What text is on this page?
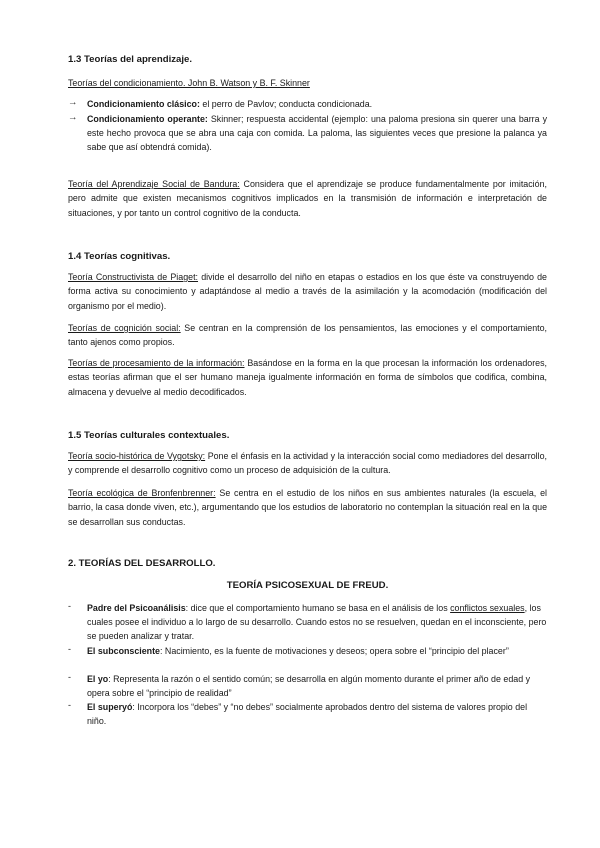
1.3 Teorías del aprendizaje.
Teorías del condicionamiento. John B. Watson y B. F. Skinner
→ Condicionamiento clásico: el perro de Pavlov; conducta condicionada.
→ Condicionamiento operante: Skinner; respuesta accidental (ejemplo: una paloma presiona sin querer una barra y este hecho provoca que se abra una caja con comida. La paloma, las siguientes veces que presione la palanca ya sabe que así obtendrá comida).
Teoría del Aprendizaje Social de Bandura: Considera que el aprendizaje se produce fundamentalmente por imitación, pero admite que existen mecanismos cognitivos implicados en la transmisión de información e interpretación de situaciones, y por tanto un control cognitivo de la conducta.
1.4 Teorías cognitivas.
Teoría Constructivista de Piaget: divide el desarrollo del niño en etapas o estadios en los que éste va construyendo de forma activa su conocimiento y adaptándose al medio a través de la asimilación y la acomodación (modificación del organismo por el medio).
Teorías de cognición social: Se centran en la comprensión de los pensamientos, las emociones y el comportamiento, tanto ajenos como propios.
Teorías de procesamiento de la información: Basándose en la forma en la que procesan la información los ordenadores, estas teorías afirman que el ser humano maneja igualmente información en forma de símbolos que codifica, combina, almacena y devuelve al medio decodificados.
1.5 Teorías culturales contextuales.
Teoría socio-histórica de Vygotsky: Pone el énfasis en la actividad y la interacción social como mediadores del desarrollo, y comprende el desarrollo cognitivo como un proceso de adquisición de la cultura.
Teoría ecológica de Bronfenbrenner: Se centra en el estudio de los niños en sus ambientes naturales (la escuela, el barrio, la casa donde viven, etc.), argumentando que los estudios de laboratorio no contemplan la situación real en la que se desarrollan sus conductas.
2. TEORÍAS DEL DESARROLLO.
TEORÍA PSICOSEXUAL DE FREUD.
- Padre del Psicoanálisis: dice que el comportamiento humano se basa en el análisis de los conflictos sexuales, los cuales posee el individuo a lo largo de su desarrollo. Cuando estos no se resuelven, quedan en el inconsciente, pero se pueden analizar y tratar.
- El subconsciente: Nacimiento, es la fuente de motivaciones y deseos; opera sobre el “principio del placer”
- El yo: Representa la razón o el sentido común; se desarrolla en algún momento durante el primer año de edad y opera sobre el “principio de realidad”
- El superyó: Incorpora los “debes” y “no debes” socialmente aprobados dentro del sistema de valores propio del niño.
